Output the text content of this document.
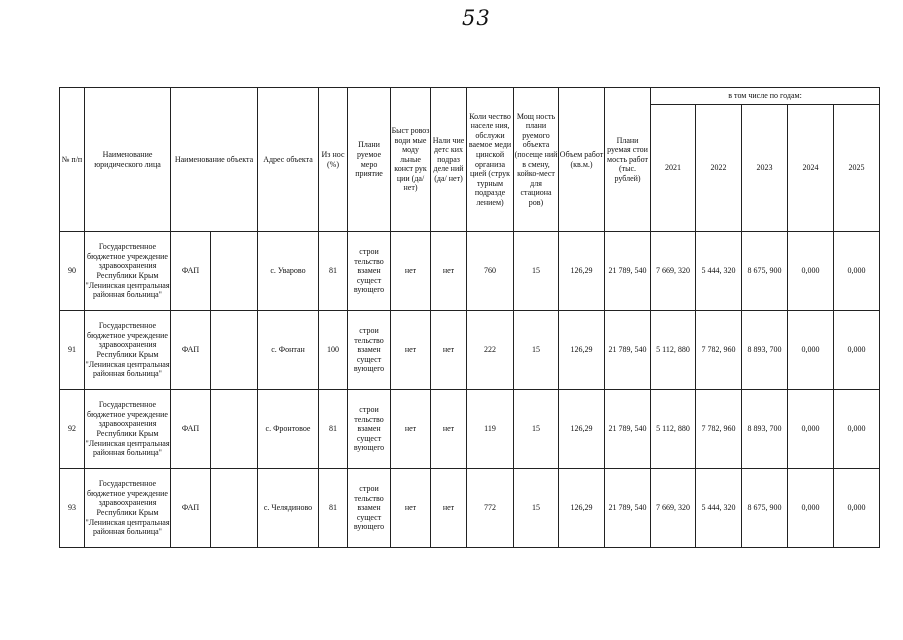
53
№ п/п	Наименование юридического лица	Наименование объекта		Адрес объекта	Из нос (%)	Плани руемое меро приятие	Быст ровоз води мые моду льные конст рук ции (да/ нет)	Нали чие детс ких подраз деле ний (да/ нет)	Коли чество населе ния, обслужи ваемое меди цинской организа цией (струк турным подразде лением)	Мощ ность плани руемого объекта (посеще ний в смену, койко-мест для стациона ров)	Объем работ (кв.м.)	Плани руемая стои мость работ (тыс. рублей)	в том числе по годам:				
													2021	2022	2023	2024	2025
90	Государственное бюджетное учреждение здравоохранения Республики Крым "Ленинская центральная районная больница"	ФАП		с. Уварово	81	строи тельство взамен сущест вующего	нет	нет	760	15	126,29	21 789, 540	7 669, 320	5 444, 320	8 675, 900	0,000	0,000
91	Государственное бюджетное учреждение здравоохранения Республики Крым "Ленинская центральная районная больница"	ФАП		с. Фонтан	100	строи тельство взамен сущест вующего	нет	нет	222	15	126,29	21 789, 540	5 112, 880	7 782, 960	8 893, 700	0,000	0,000
92	Государственное бюджетное учреждение здравоохранения Республики Крым "Ленинская центральная районная больница"	ФАП		с. Фронтовое	81	строи тельство взамен сущест вующего	нет	нет	119	15	126,29	21 789, 540	5 112, 880	7 782, 960	8 893, 700	0,000	0,000
93	Государственное бюджетное учреждение здравоохранения Республики Крым "Ленинская центральная районная больница"	ФАП		с. Челядиново	81	строи тельство взамен сущест вующего	нет	нет	772	15	126,29	21 789, 540	7 669, 320	5 444, 320	8 675, 900	0,000	0,000
